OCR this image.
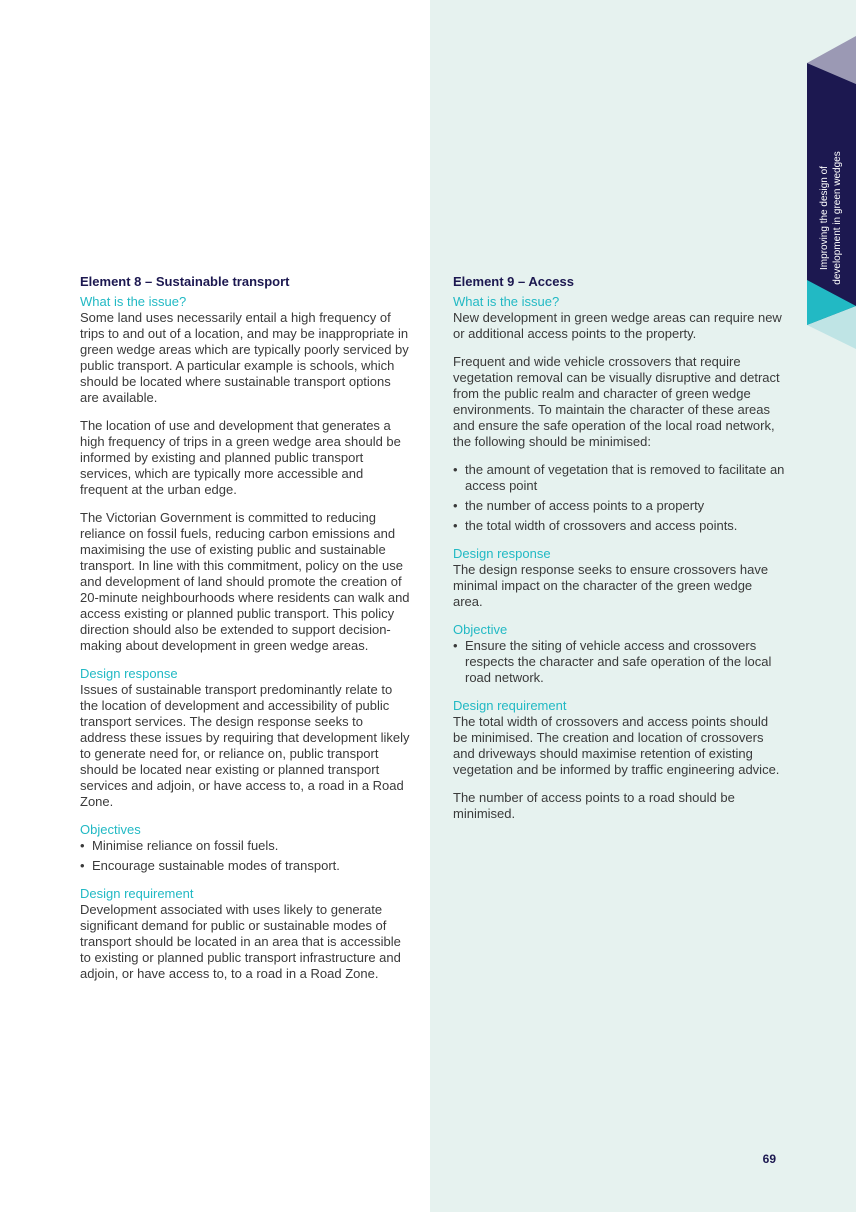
Improving the design of development in green wedges
Element 8 – Sustainable transport
What is the issue?

Some land uses necessarily entail a high frequency of trips to and out of a location, and may be inappropriate in green wedge areas which are typically poorly serviced by public transport. A particular example is schools, which should be located where sustainable transport options are available.

The location of use and development that generates a high frequency of trips in a green wedge area should be informed by existing and planned public transport services, which are typically more accessible and frequent at the urban edge.

The Victorian Government is committed to reducing reliance on fossil fuels, reducing carbon emissions and maximising the use of existing public and sustainable transport. In line with this commitment, policy on the use and development of land should promote the creation of 20-minute neighbourhoods where residents can walk and access existing or planned public transport. This policy direction should also be extended to support decision-making about development in green wedge areas.

Design response

Issues of sustainable transport predominantly relate to the location of development and accessibility of public transport services. The design response seeks to address these issues by requiring that development likely to generate need for, or reliance on, public transport should be located near existing or planned transport services and adjoin, or have access to, a road in a Road Zone.

Objectives
• Minimise reliance on fossil fuels.
• Encourage sustainable modes of transport.
Design requirement

Development associated with uses likely to generate significant demand for public or sustainable modes of transport should be located in an area that is accessible to existing or planned public transport infrastructure and adjoin, or have access to, to a road in a Road Zone.

Element 9 – Access
What is the issue?

New development in green wedge areas can require new or additional access points to the property.

Frequent and wide vehicle crossovers that require vegetation removal can be visually disruptive and detract from the public realm and character of green wedge environments. To maintain the character of these areas and ensure the safe operation of the local road network, the following should be minimised:

• the amount of vegetation that is removed to facilitate an access point
• the number of access points to a property
• the total width of crossovers and access points.
Design response

The design response seeks to ensure crossovers have minimal impact on the character of the green wedge area.

Objective
• Ensure the siting of vehicle access and crossovers respects the character and safe operation of the local road network.
Design requirement

The total width of crossovers and access points should be minimised. The creation and location of crossovers and driveways should maximise retention of existing vegetation and be informed by traffic engineering advice.

The number of access points to a road should be minimised.

69
